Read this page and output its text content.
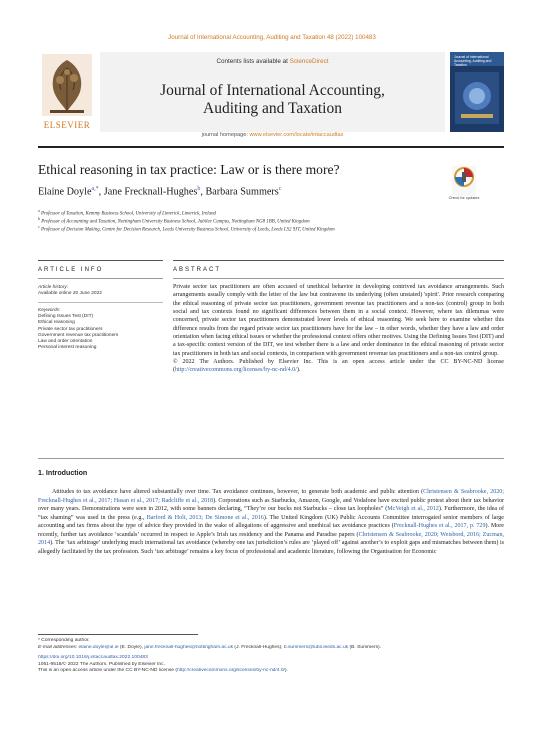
Journal of International Accounting, Auditing and Taxation 48 (2022) 100483
ELSEVIER
Contents lists available at ScienceDirect
Journal of International Accounting,
Auditing and Taxation
journal homepage: www.elsevier.com/locate/intaccaudtax
Journal of International Accounting, Auditing and Taxation
Ethical reasoning in tax practice: Law or is there more?
Elaine Doyle$^{a,*}$, Jane Frecknall-Hughes$^b$, Barbara Summers$^c$
Check for updates
$^a$ Professor of Taxation, Kemmy Business School, University of Limerick, Limerick, Ireland
$^b$ Professor of Accounting and Taxation, Nottingham University Business School, Jubilee Campus, Nottingham NG8 1BB, United Kingdom
$^c$ Professor of Decision Making, Centre for Decision Research, Leeds University Business School, University of Leeds, Leeds LS2 9JT, United Kingdom
ARTICLE INFO	ABSTRACT
Article history:
Available online 20 June 2022
Keywords:
Defining Issues Test (DIT)
Ethical reasoning
Private sector tax practitioners
Government revenue tax practitioners
Law and order orientation
Personal interest reasoning
Private sector tax practitioners are often accused of unethical behavior in developing contrived tax avoidance arrangements. Such arrangements usually comply with the letter of the law but contravene its underlying (often unstated) 'spirit'. Prior research comparing the ethical reasoning of private sector tax practitioners, government revenue tax practitioners and a non-tax (control) group in both social and tax contexts found no significant differences between them in a social context. However, where tax dilemmas were concerned, private sector tax practitioners demonstrated lower levels of ethical reasoning. We seek here to examine whether this difference results from the regard private sector tax practitioners have for the law – in other words, whether they have a law and order orientation when facing ethical issues or whether the professional context offers other motives. Using the Defining Issues Test (DIT) and a tax-specific context version of the DIT, we test whether there is a law and order dominance in the ethical reasoning of private sector tax practitioners in both tax and social contexts, in comparison with government revenue tax practitioners and a non-tax control group.
© 2022 The Authors. Published by Elsevier Inc. This is an open access article under the CC BY-NC-ND license (http://creativecommons.org/licenses/by-nc-nd/4.0/).
1. Introduction
Attitudes to tax avoidance have altered substantially over time. Tax avoidance continues, however, to generate both academic and public attention (Christensen & Seabrooke, 2020; Frecknall-Hughes et al., 2017; Hasan et al., 2017; Radcliffe et al., 2018). Corporations such as Starbucks, Amazon, Google, and Vodafone have excited public protest about their tax behavior over many years. Demonstrations were seen in 2012, with some banners declaring, “They’re our bucks not Starbucks – close tax loopholes” (McVeigh et al., 2012). Furthermore, the idea of “tax shaming” was used in the press (e.g., Barford & Holt, 2013; De Simone et al., 2016). The United Kingdom (UK) Public Accounts Committee interrogated senior members of large accounting and tax firms about the type of advice they provided in the wake of allegations of aggressive and unethical tax avoidance practices (Frecknall-Hughes et al., 2017, p. 729). More recently, further tax avoidance ‘scandals’ occurred in respect to Apple’s Irish tax residency and the Panama and Paradise papers (Christensen & Seabrooke, 2020; Weisbord, 2016; Zucman, 2014). The ‘tax arbitrage’ underlying much international tax avoidance (whereby one tax jurisdiction’s rules are ‘played off’ against another’s to exploit gaps and mismatches between them) is allegedly facilitated by the tax profession. Such ‘tax arbitrage’ remains a key focus of professional and academic literature, following the Organisation for Economic

* Corresponding author.

E-mail addresses: elaine.doyle@ul.ie (E. Doyle), jane.frecknall-hughes@nottingham.ac.uk (J. Frecknall-Hughes), b.summers@lubs.leeds.ac.uk (B. Summers).

https://doi.org/10.1016/j.intaccaudtax.2022.100483

1061-9518/© 2022 The Authors. Published by Elsevier Inc.

This is an open access article under the CC BY-NC-ND license (http://creativecommons.org/licenses/by-nc-nd/4.0/).
